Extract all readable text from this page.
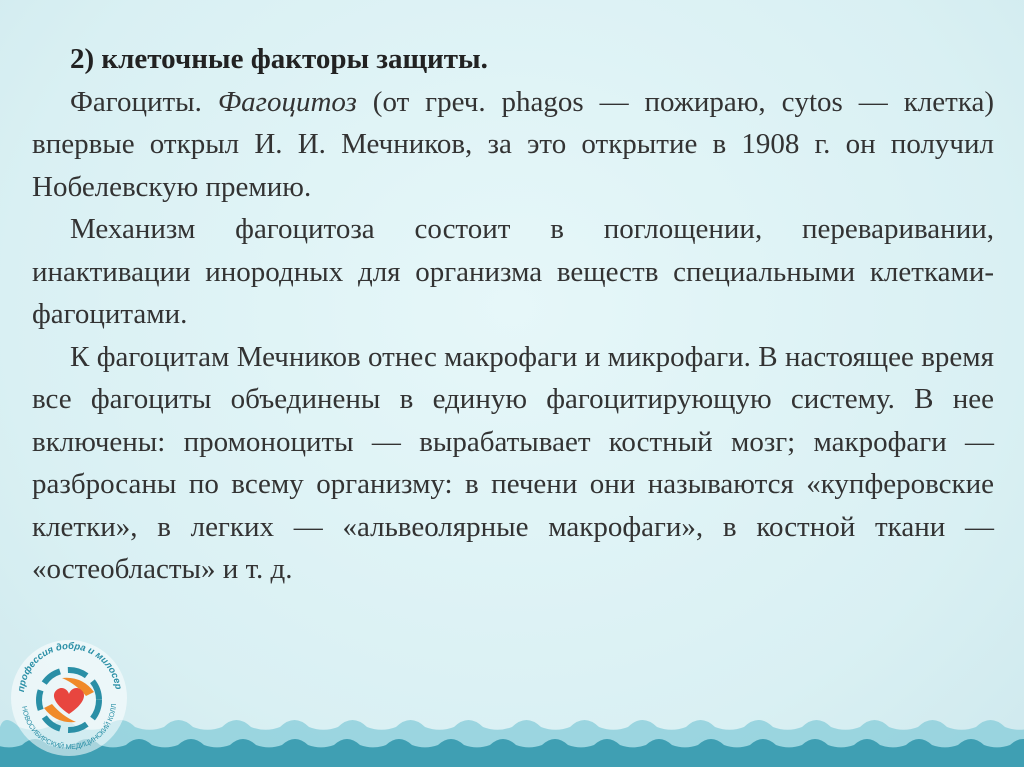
2) клеточные факторы защиты.

Фагоциты. Фагоцитоз (от греч. phagos — пожираю, cytos — клетка) впервые открыл И. И. Мечников, за это открытие в 1908 г. он получил Нобелевскую премию.

Механизм фагоцитоза состоит в поглощении, переваривании, инактивации инородных для организма веществ специальными клетками-фагоцитами.

К фагоцитам Мечников отнес макрофаги и микрофаги. В настоящее время все фагоциты объединены в единую фагоцитирующую систему. В нее включены: промоноциты — вырабатывает костный мозг; макрофаги — разбросаны по всему организму: в печени они называются «купферовские клетки», в легких — «альвеолярные макрофаги», в костной ткани — «остеобласты» и т. д.

профессия добра и милосер
НОВОСИБИРСКИЙ МЕДИЦИНСКИЙ КОЛЛ
